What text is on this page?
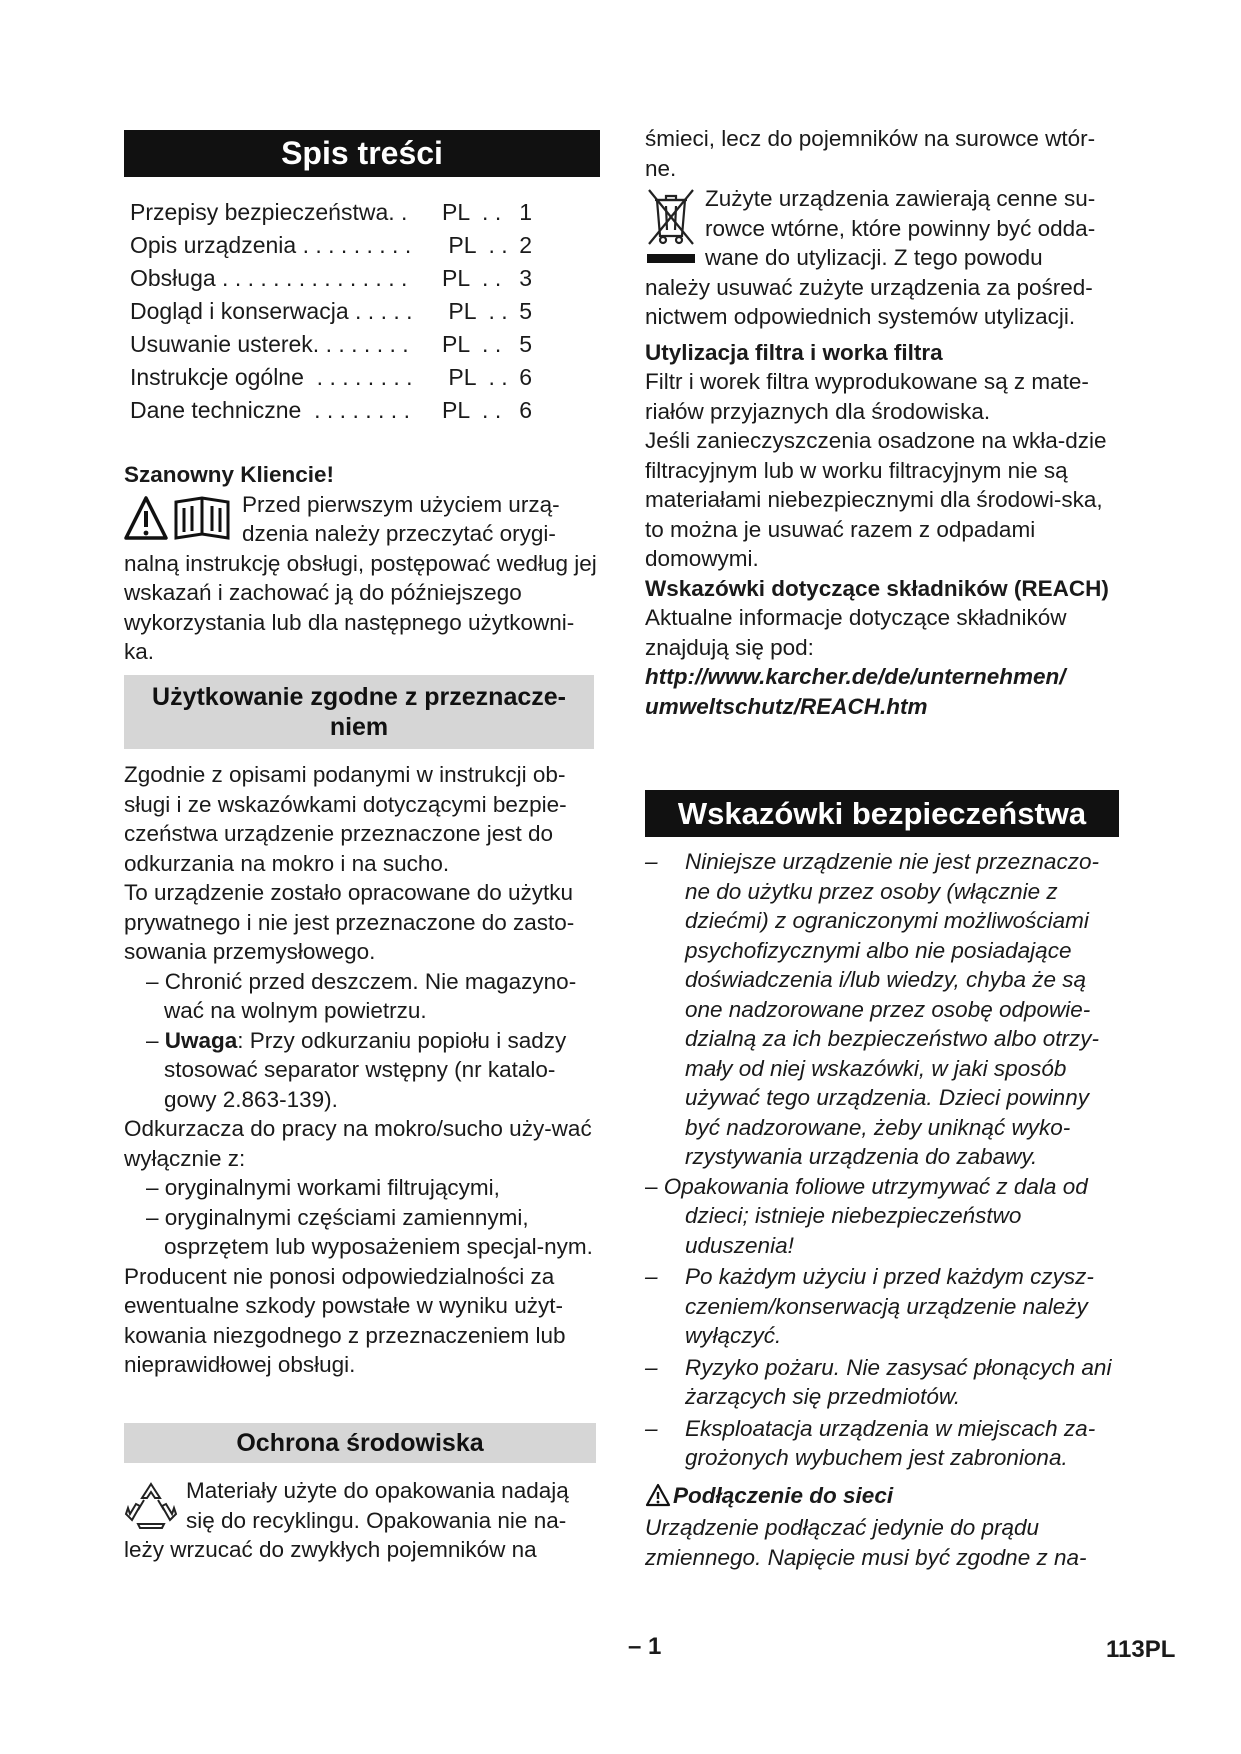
Spis treści
Przepisy bezpieczeństwa. .	PL  . . 1
Opis urządzenia . . . . . . . . .	PL  . . 2
Obsługa . . . . . . . . . . . . . . .	PL  . . 3
Dogląd i konserwacja . . . . .	PL  . . 5
Usuwanie usterek. . . . . . . .	PL  . . 5
Instrukcje ogólne  . . . . . . . .	PL  . . 6
Dane techniczne  . . . . . . . .	PL  . . 6

Szanowny Kliencie!

Przed pierwszym użyciem urzą-

dzenia należy przeczytać orygi-

nalną instrukcję obsługi, postępować według jej wskazań i zachować ją do późniejszego wykorzystania lub dla następnego użytkowni-ka.

Użytkowanie zgodne z przeznacze-
niem

Zgodnie z opisami podanymi w instrukcji ob-sługi i ze wskazówkami dotyczącymi bezpie-czeństwa urządzenie przeznaczone jest do odkurzania na mokro i na sucho.

To urządzenie zostało opracowane do użytku prywatnego i nie jest przeznaczone do zasto-sowania przemysłowego.

– Chronić przed deszczem. Nie magazyno-wać na wolnym powietrzu.

– Uwaga: Przy odkurzaniu popiołu i sadzy stosować separator wstępny (nr katalo-gowy 2.863-139).

Odkurzacza do pracy na mokro/sucho uży-wać wyłącznie z:

– oryginalnymi workami filtrującymi,

– oryginalnymi częściami zamiennymi, osprzętem lub wyposażeniem specjal-nym.

Producent nie ponosi odpowiedzialności za ewentualne szkody powstałe w wyniku użyt-kowania niezgodnego z przeznaczeniem lub nieprawidłowej obsługi.

Ochrona środowiska

Materiały użyte do opakowania nadają

się do recyklingu. Opakowania nie na-

leży wrzucać do zwykłych pojemników na

śmieci, lecz do pojemników na surowce wtór-ne.

Zużyte urządzenia zawierają cenne su-

rowce wtórne, które powinny być odda-

wane do utylizacji. Z tego powodu

należy usuwać zużyte urządzenia za pośred-nictwem odpowiednich systemów utylizacji.

Utylizacja filtra i worka filtra

Filtr i worek filtra wyprodukowane są z mate-riałów przyjaznych dla środowiska.

Jeśli zanieczyszczenia osadzone na wkła-dzie filtracyjnym lub w worku filtracyjnym nie są materiałami niebezpiecznymi dla środowi-ska, to można je usuwać razem z odpadami domowymi.

Wskazówki dotyczące składników (REACH)

Aktualne informacje dotyczące składników znajdują się pod:

http://www.karcher.de/de/unternehmen/

umweltschutz/REACH.htm

Wskazówki bezpieczeństwa
–	Niniejsze urządzenie nie jest przeznaczo-ne do użytku przez osoby (włącznie z dziećmi) z ograniczonymi możliwościami psychofizycznymi albo nie posiadające doświadczenia i/lub wiedzy, chyba że są one nadzorowane przez osobę odpowie-dzialną za ich bezpieczeństwo albo otrzy-mały od niej wskazówki, w jaki sposób używać tego urządzenia. Dzieci powinny być nadzorowane, żeby uniknąć wyko-rzystywania urządzenia do zabawy.
– Opakowania foliowe utrzymywać z dala od dzieci; istnieje niebezpieczeństwo uduszenia!
–	Po każdym użyciu i przed każdym czysz-czeniem/konserwacją urządzenie należy wyłączyć.
–	Ryzyko pożaru. Nie zasysać płonących ani żarzących się przedmiotów.
–	Eksploatacja urządzenia w miejscach za-grożonych wybuchem jest zabroniona.
Podłączenie do sieci

Urządzenie podłączać jedynie do prądu zmiennego. Napięcie musi być zgodne z na-

– 1	113PL
